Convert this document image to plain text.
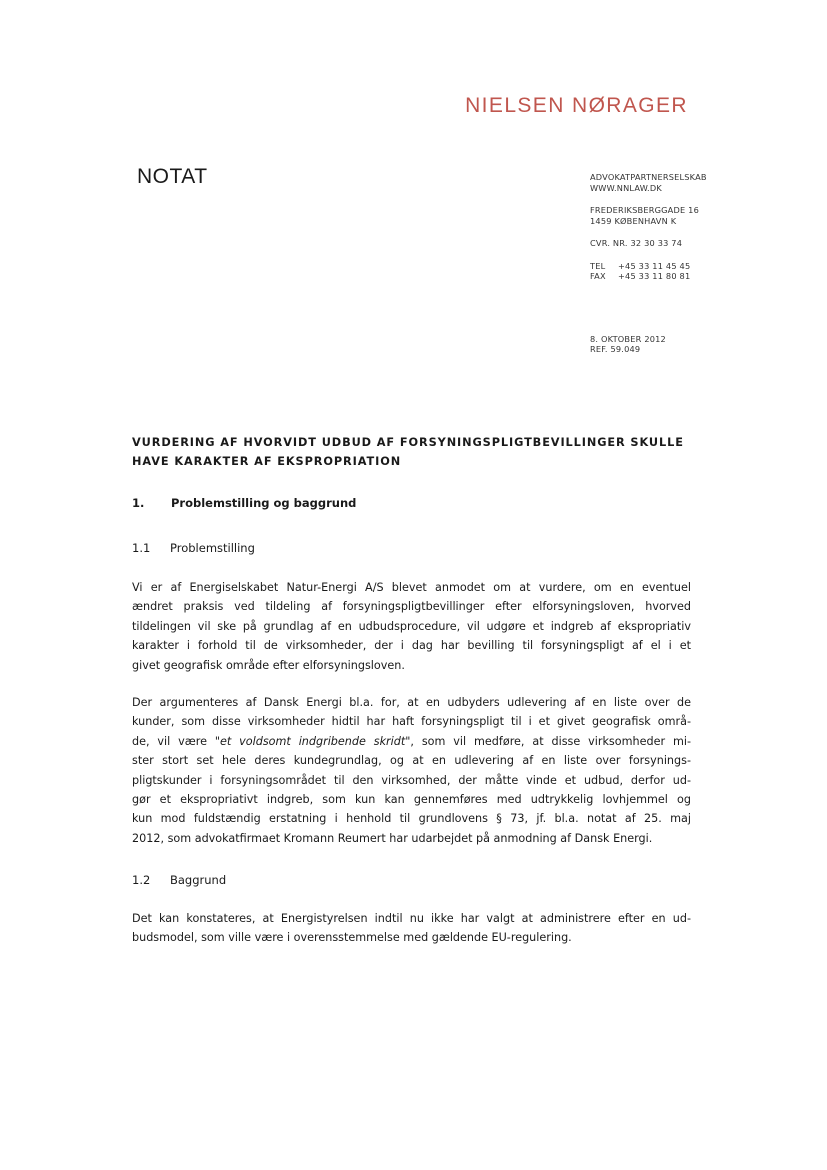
NIELSEN NØRAGER
NOTAT	ADVOKATPARTNERSELSKAB
WWW.NNLAW.DK
FREDERIKSBERGGADE 16
1459 KØBENHAVN K
CVR. NR. 32 30 33 74
TEL +45 33 11 45 45
FAX +45 33 11 80 81
8. OKTOBER 2012
REF. 59.049
VURDERING AF HVORVIDT UDBUD AF FORSYNINGSPLIGTBEVILLINGER SKULLE
HAVE KARAKTER AF EKSPROPRIATION
1. Problemstilling og baggrund
1.1 Problemstilling
Vi er af Energiselskabet Natur-Energi A/S blevet anmodet om at vurdere, om en eventuel
ændret praksis ved tildeling af forsyningspligtbevillinger efter elforsyningsloven, hvorved
tildelingen vil ske på grundlag af en udbudsprocedure, vil udgøre et indgreb af ekspropriativ
karakter i forhold til de virksomheder, der i dag har bevilling til forsyningspligt af el i et
givet geografisk område efter elforsyningsloven.
Der argumenteres af Dansk Energi bl.a. for, at en udbyders udlevering af en liste over de
kunder, som disse virksomheder hidtil har haft forsyningspligt til i et givet geografisk områ-
de, vil være "et voldsomt indgribende skridt", som vil medføre, at disse virksomheder mi-
ster stort set hele deres kundegrundlag, og at en udlevering af en liste over forsynings-
pligtskunder i forsyningsområdet til den virksomhed, der måtte vinde et udbud, derfor ud-
gør et ekspropriativt indgreb, som kun kan gennemføres med udtrykkelig lovhjemmel og
kun mod fuldstændig erstatning i henhold til grundlovens § 73, jf. bl.a. notat af 25. maj
2012, som advokatfirmaet Kromann Reumert har udarbejdet på anmodning af Dansk Energi.
1.2 Baggrund
Det kan konstateres, at Energistyrelsen indtil nu ikke har valgt at administrere efter en ud-
budsmodel, som ville være i overensstemmelse med gældende EU-regulering.
